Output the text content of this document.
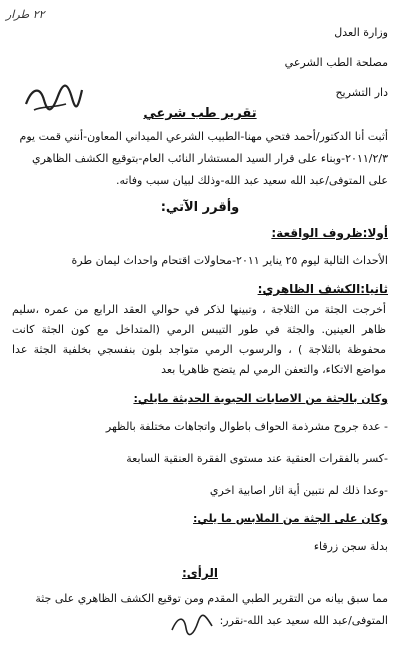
٢٢ طرار
وزارة العدل
مصلحة الطب الشرعي
دار التشريح
تقرير طب شرعي
أثبت أنا الدكتور/أحمد فتحي مهنا-الطبيب الشرعي الميداني المعاون-أنني قمت يوم
٢٠١١/٢/٣-وبناء على قرار السيد المستشار النائب العام-بتوقيع الكشف الظاهري
على المتوفى/عبد الله سعيد عبد الله-وذلك لبيان سبب وفاته.
وأقرر الآتي:
أولا:ظروف الواقعة:
الأحداث التالية ليوم ٢٥ يناير ٢٠١١-محاولات اقتحام واحداث ليمان طرة
ثانيا:الكشف الظاهري:
أخرجت الجثة من الثلاجة ، وتبينها لذكر في حوالي العقد الرابع من عمره ،سليم ظاهر العينين. والجثة في طور التيبس الرمي (المتداخل مع كون الجثة كانت محفوظة بالثلاجة ) ، والرسوب الرمي متواجد بلون بنفسجي بخلفية الجثة عدا مواضع الاتكاء، والتعفن الرمي لم يتضح ظاهريا بعد
وكان بالجثة من الاصابات الحيوية الحديثة مايلي:
- عدة جروح مشرذمة الحواف باطوال واتجاهات مختلفة بالظهر
-كسر بالفقرات العنقية عند مستوى الفقرة العنقية السابعة
-وعدا ذلك لم نتبين أية اثار اصابية اخري
وكان على الجثة من الملابس ما يلي:
بدلة سجن زرقاء
الرأى:
مما سبق بيانه من التقرير الطبي المقدم ومن توقيع الكشف الظاهري على جثة
المتوفى/عبد الله سعيد عبد الله-نقرر:
